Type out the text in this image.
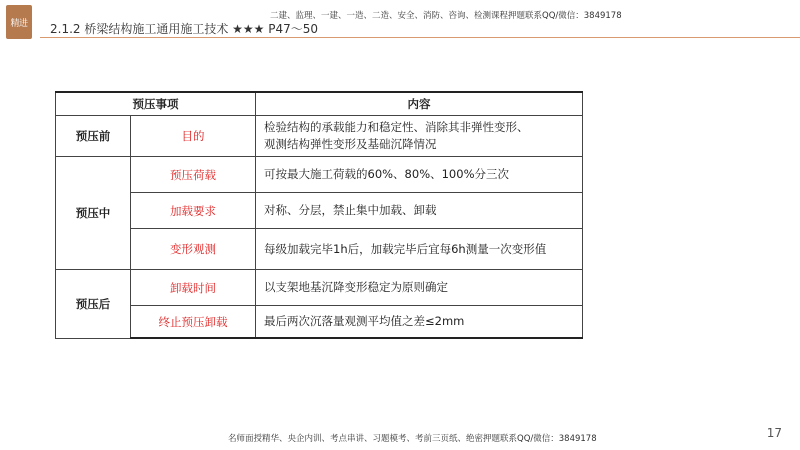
精进
二建、监理、一建、一造、二造、安全、消防、咨询、检测课程押题联系QQ/微信：3849178
2.1.2 桥梁结构施工通用施工技术 ★★★ P47～50
预压事项		内容
预压前	目的	检验结构的承载能力和稳定性、消除其非弹性变形、
观测结构弹性变形及基础沉降情况

预压中	预压荷载	可按最大施工荷载的60%、80%、100%分三次
	加载要求	对称、分层，禁止集中加载、卸载
	变形观测	每级加载完毕1h后，加载完毕后宜每6h测量一次变形值
预压后	卸载时间	以支架地基沉降变形稳定为原则确定
	终止预压卸载	最后两次沉落量观测平均值之差≤2mm
17
名师面授精华、央企内训、考点串讲、习题模考、考前三页纸、绝密押题联系QQ/微信：3849178
